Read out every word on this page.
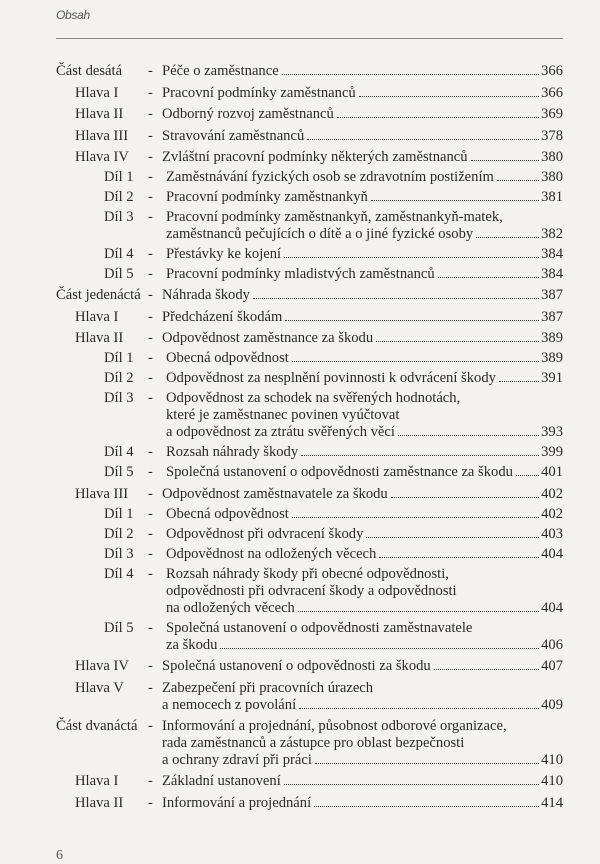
Obsah
Část desátá	- Péče o zaměstnance	366
Hlava I	- Pracovní podmínky zaměstnanců	366
Hlava II	- Odborný rozvoj zaměstnanců	369
Hlava III	- Stravování zaměstnanců	378
Hlava IV	- Zvláštní pracovní podmínky některých zaměstnanců	380
Díl 1 - Zaměstnávání fyzických osob se zdravotním postižením	380
Díl 2 - Pracovní podmínky zaměstnankyň	381
Díl 3 - Pracovní podmínky zaměstnankyň, zaměstnankyň-matek,
zaměstnanců pečujících o dítě a o jiné fyzické osoby	382
Díl 4 - Přestávky ke kojení	384
Díl 5 - Pracovní podmínky mladistvých zaměstnanců	384
Část jedenáctá - Náhrada škody	387
Hlava I	- Předcházení škodám	387
Hlava II	- Odpovědnost zaměstnance za škodu	389
Díl 1 - Obecná odpovědnost	389
Díl 2 - Odpovědnost za nesplnění povinnosti k odvrácení škody	391
Díl 3 - Odpovědnost za schodek na svěřených hodnotách,
které je zaměstnanec povinen vyúčtovat
a odpovědnost za ztrátu svěřených věcí	393
Díl 4 - Rozsah náhrady škody	399
Díl 5 - Společná ustanovení o odpovědnosti zaměstnance za škodu 401
Hlava III	- Odpovědnost zaměstnavatele za škodu	402
Díl 1 - Obecná odpovědnost	402
Díl 2 - Odpovědnost při odvracení škody	403
Díl 3 - Odpovědnost na odložených věcech	404
Díl 4 - Rozsah náhrady škody při obecné odpovědnosti,
odpovědnosti při odvracení škody a odpovědnosti
na odložených věcech	404
Díl 5 - Společná ustanovení o odpovědnosti zaměstnavatele
za škodu	406
Hlava IV	- Společná ustanovení o odpovědnosti za škodu	407
Hlava V	- Zabezpečení při pracovních úrazech
a nemocech z povolání	409
Část dvanáctá - Informování a projednání, působnost odborové organizace,
rada zaměstnanců a zástupce pro oblast bezpečnosti
a ochrany zdraví při práci	410
Hlava I	- Základní ustanovení	410
Hlava II	- Informování a projednání	414
6
